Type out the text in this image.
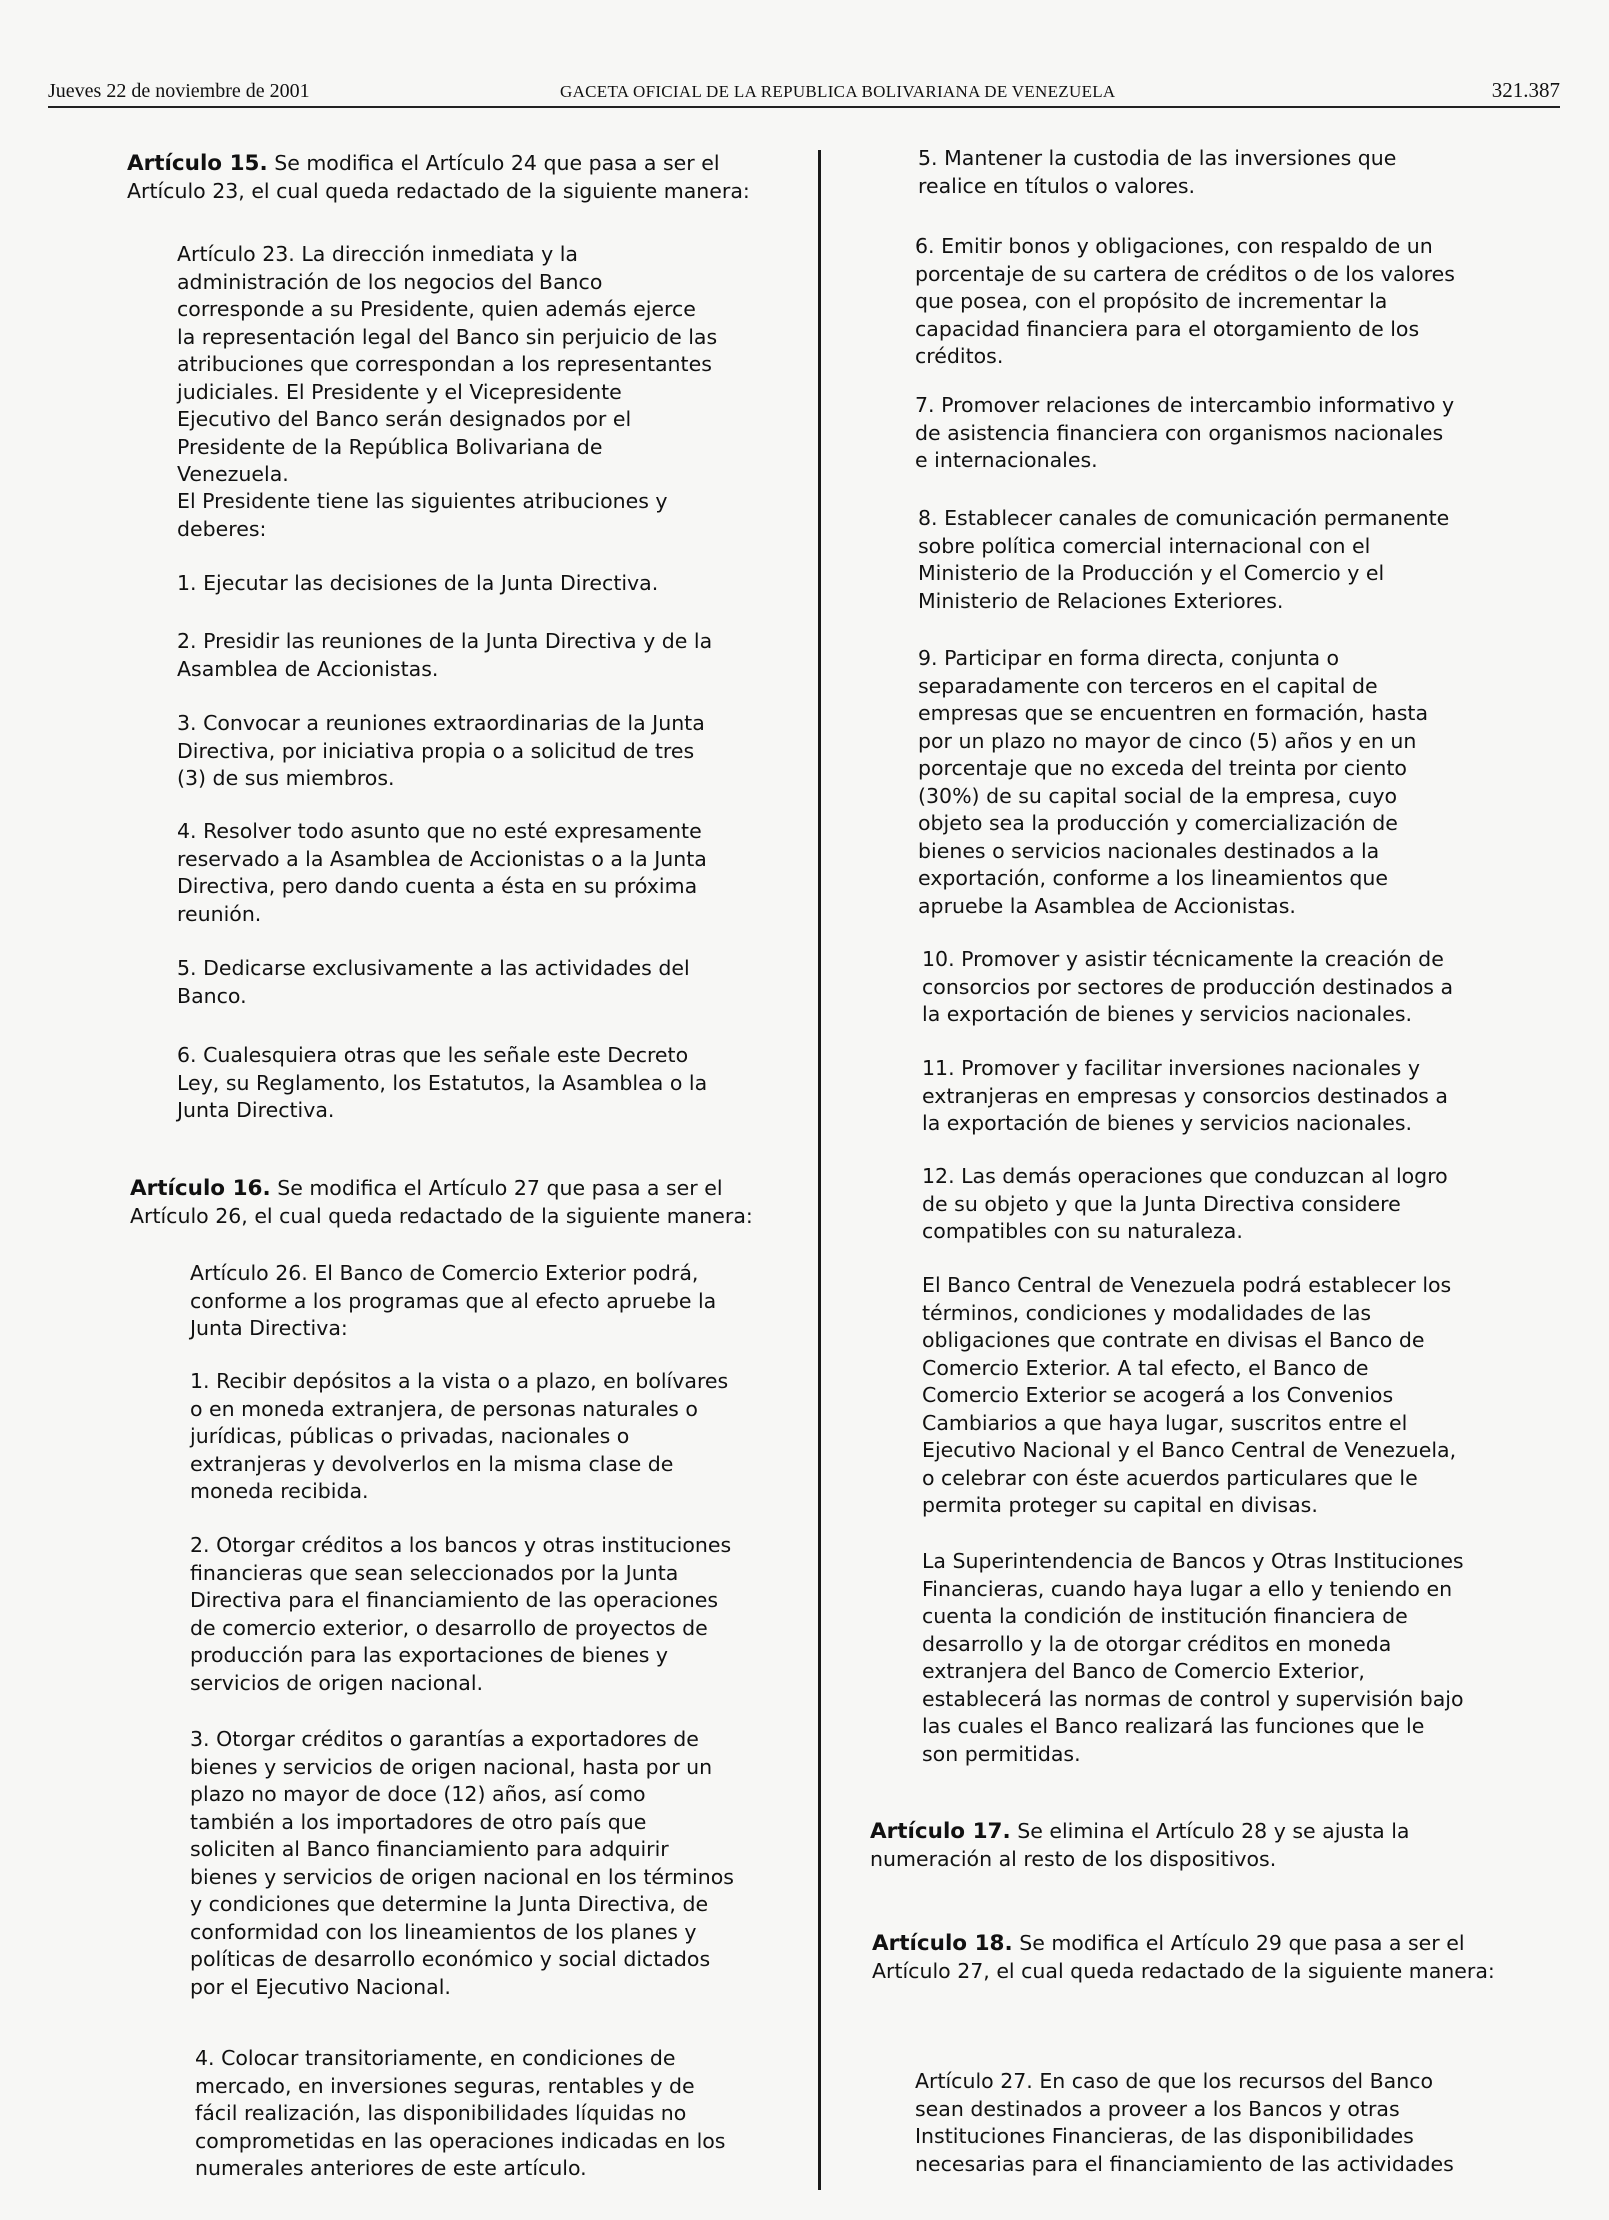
Jueves 22 de noviembre de 2001	GACETA OFICIAL DE LA REPUBLICA BOLIVARIANA DE VENEZUELA	321.387

Artículo 15. Se modifica el Artículo 24 que pasa a ser el Artículo 23, el cual queda redactado de la siguiente manera:

Artículo 23. La dirección inmediata y la administración de los negocios del Banco corresponde a su Presidente, quien además ejerce la representación legal del Banco sin perjuicio de las atribuciones que correspondan a los representantes judiciales. El Presidente y el Vicepresidente Ejecutivo del Banco serán designados por el Presidente de la República Bolivariana de Venezuela.

El Presidente tiene las siguientes atribuciones y deberes:

1. Ejecutar las decisiones de la Junta Directiva.

2. Presidir las reuniones de la Junta Directiva y de la Asamblea de Accionistas.

3. Convocar a reuniones extraordinarias de la Junta Directiva, por iniciativa propia o a solicitud de tres (3) de sus miembros.

4. Resolver todo asunto que no esté expresamente reservado a la Asamblea de Accionistas o a la Junta Directiva, pero dando cuenta a ésta en su próxima reunión.

5. Dedicarse exclusivamente a las actividades del Banco.

6. Cualesquiera otras que les señale este Decreto Ley, su Reglamento, los Estatutos, la Asamblea o la Junta Directiva.

Artículo 16. Se modifica el Artículo 27 que pasa a ser el Artículo 26, el cual queda redactado de la siguiente manera:

Artículo 26. El Banco de Comercio Exterior podrá, conforme a los programas que al efecto apruebe la Junta Directiva:

1. Recibir depósitos a la vista o a plazo, en bolívares o en moneda extranjera, de personas naturales o jurídicas, públicas o privadas, nacionales o extranjeras y devolverlos en la misma clase de moneda recibida.

2. Otorgar créditos a los bancos y otras instituciones financieras que sean seleccionados por la Junta Directiva para el financiamiento de las operaciones de comercio exterior, o desarrollo de proyectos de producción para las exportaciones de bienes y servicios de origen nacional.

3. Otorgar créditos o garantías a exportadores de bienes y servicios de origen nacional, hasta por un plazo no mayor de doce (12) años, así como también a los importadores de otro país que soliciten al Banco financiamiento para adquirir bienes y servicios de origen nacional en los términos y condiciones que determine la Junta Directiva, de conformidad con los lineamientos de los planes y políticas de desarrollo económico y social dictados por el Ejecutivo Nacional.

4. Colocar transitoriamente, en condiciones de mercado, en inversiones seguras, rentables y de fácil realización, las disponibilidades líquidas no comprometidas en las operaciones indicadas en los numerales anteriores de este artículo.

5. Mantener la custodia de las inversiones que realice en títulos o valores.

6. Emitir bonos y obligaciones, con respaldo de un porcentaje de su cartera de créditos o de los valores que posea, con el propósito de incrementar la capacidad financiera para el otorgamiento de los créditos.

7. Promover relaciones de intercambio informativo y de asistencia financiera con organismos nacionales e internacionales.

8. Establecer canales de comunicación permanente sobre política comercial internacional con el Ministerio de la Producción y el Comercio y el Ministerio de Relaciones Exteriores.

9. Participar en forma directa, conjunta o separadamente con terceros en el capital de empresas que se encuentren en formación, hasta por un plazo no mayor de cinco (5) años y en un porcentaje que no exceda del treinta por ciento (30%) de su capital social de la empresa, cuyo objeto sea la producción y comercialización de bienes o servicios nacionales destinados a la exportación, conforme a los lineamientos que apruebe la Asamblea de Accionistas.

10. Promover y asistir técnicamente la creación de consorcios por sectores de producción destinados a la exportación de bienes y servicios nacionales.

11. Promover y facilitar inversiones nacionales y extranjeras en empresas y consorcios destinados a la exportación de bienes y servicios nacionales.

12. Las demás operaciones que conduzcan al logro de su objeto y que la Junta Directiva considere compatibles con su naturaleza.

El Banco Central de Venezuela podrá establecer los términos, condiciones y modalidades de las obligaciones que contrate en divisas el Banco de Comercio Exterior. A tal efecto, el Banco de Comercio Exterior se acogerá a los Convenios Cambiarios a que haya lugar, suscritos entre el Ejecutivo Nacional y el Banco Central de Venezuela, o celebrar con éste acuerdos particulares que le permita proteger su capital en divisas.

La Superintendencia de Bancos y Otras Instituciones Financieras, cuando haya lugar a ello y teniendo en cuenta la condición de institución financiera de desarrollo y la de otorgar créditos en moneda extranjera del Banco de Comercio Exterior, establecerá las normas de control y supervisión bajo las cuales el Banco realizará las funciones que le son permitidas.

Artículo 17. Se elimina el Artículo 28 y se ajusta la numeración al resto de los dispositivos.

Artículo 18. Se modifica el Artículo 29 que pasa a ser el Artículo 27, el cual queda redactado de la siguiente manera:

Artículo 27. En caso de que los recursos del Banco sean destinados a proveer a los Bancos y otras Instituciones Financieras, de las disponibilidades necesarias para el financiamiento de las actividades
